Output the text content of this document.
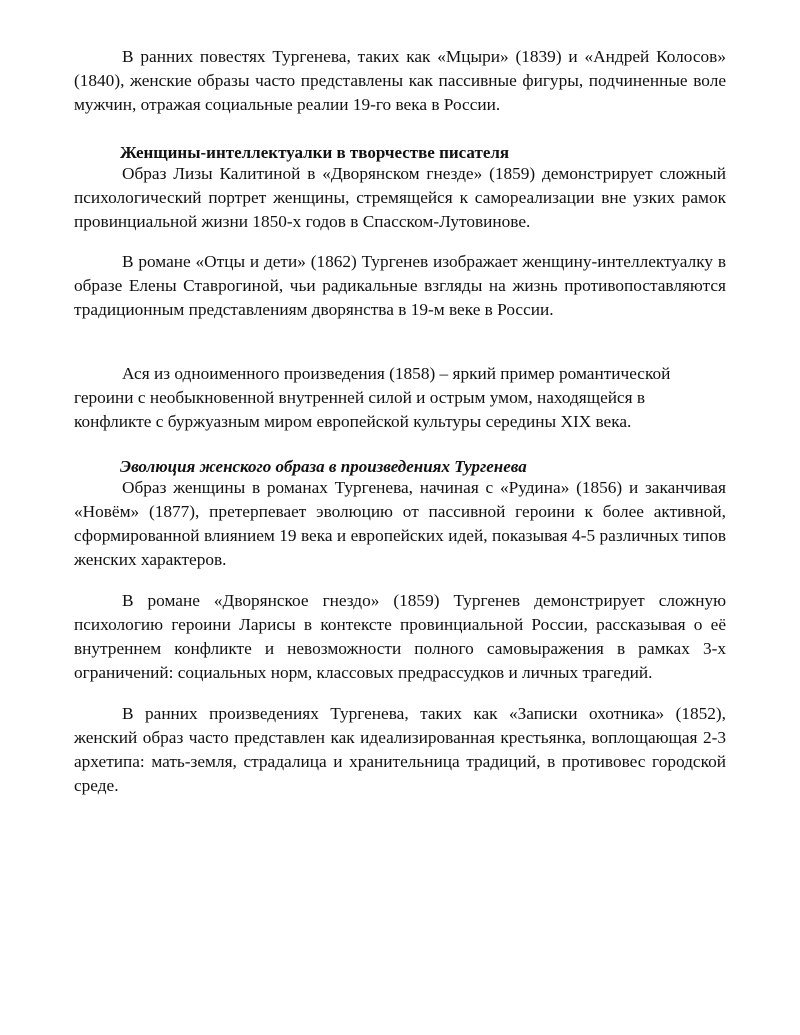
В ранних повестях Тургенева, таких как «Мцыри» (1839) и «Андрей Колосов» (1840), женские образы часто представлены как пассивные фигуры, подчиненные воле мужчин, отражая социальные реалии 19-го века в России.

Женщины-интеллектуалки в творчестве писателя

Образ Лизы Калитиной в «Дворянском гнезде» (1859) демонстрирует сложный психологический портрет женщины, стремящейся к самореализации вне узких рамок провинциальной жизни 1850-х годов в Спасском-Лутовинове.

В романе «Отцы и дети» (1862) Тургенев изображает женщину-интеллектуалку в образе Елены Ставрогиной, чьи радикальные взгляды на жизнь противопоставляются традиционным представлениям дворянства в 19-м веке в России.

Ася из одноименного произведения (1858) – яркий пример романтической героини с необыкновенной внутренней силой и острым умом, находящейся в конфликте с буржуазным миром европейской культуры середины XIX века.

Эволюция женского образа в произведениях Тургенева

Образ женщины в романах Тургенева, начиная с «Рудина» (1856) и заканчивая «Новём» (1877), претерпевает эволюцию от пассивной героини к более активной, сформированной влиянием 19 века и европейских идей, показывая 4-5 различных типов женских характеров.

В романе «Дворянское гнездо» (1859) Тургенев демонстрирует сложную психологию героини Ларисы в контексте провинциальной России, рассказывая о её внутреннем конфликте и невозможности полного самовыражения в рамках 3-х ограничений: социальных норм, классовых предрассудков и личных трагедий.

В ранних произведениях Тургенева, таких как «Записки охотника» (1852), женский образ часто представлен как идеализированная крестьянка, воплощающая 2-3 архетипа: мать-земля, страдалица и хранительница традиций, в противовес городской среде.
